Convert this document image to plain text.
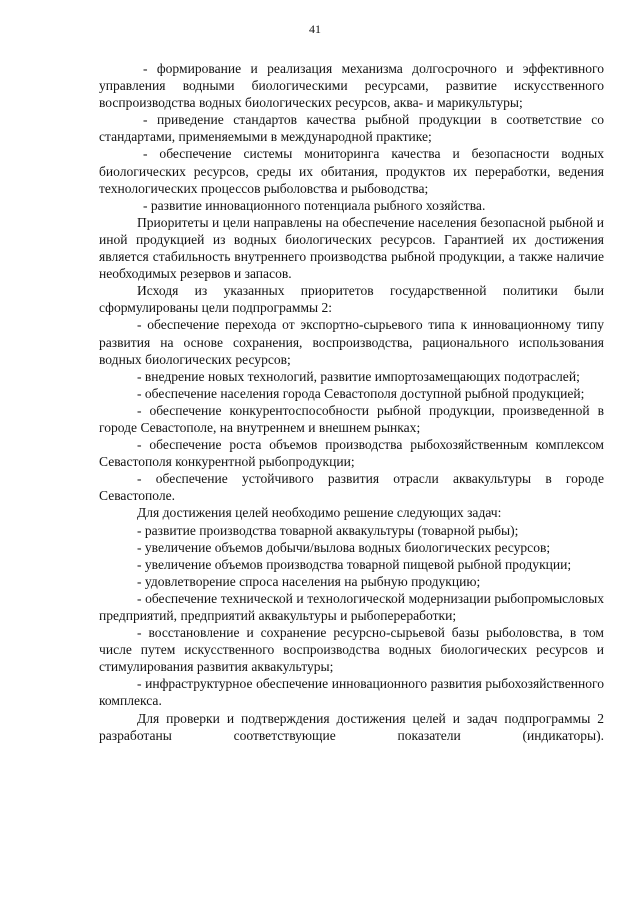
41

- формирование и реализация механизма долгосрочного и эффективного управления водными биологическими ресурсами, развитие искусственного воспроизводства водных биологических ресурсов, аква- и марикультуры;

- приведение стандартов качества рыбной продукции в соответствие со стандартами, применяемыми в международной практике;

- обеспечение системы мониторинга качества и безопасности водных биологических ресурсов, среды их обитания, продуктов их переработки, ведения технологических процессов рыболовства и рыбоводства;

- развитие инновационного потенциала рыбного хозяйства.

Приоритеты и цели направлены на обеспечение населения безопасной рыбной и иной продукцией из водных биологических ресурсов. Гарантией их достижения является стабильность внутреннего производства рыбной продукции, а также наличие необходимых резервов и запасов.

Исходя из указанных приоритетов государственной политики были сформулированы цели подпрограммы 2:

- обеспечение перехода от экспортно-сырьевого типа к инновационному типу развития на основе сохранения, воспроизводства, рационального использования водных биологических ресурсов;

- внедрение новых технологий, развитие импортозамещающих подотраслей;

- обеспечение населения города Севастополя доступной рыбной продукцией;

- обеспечение конкурентоспособности рыбной продукции, произведенной в городе Севастополе, на внутреннем и внешнем рынках;

- обеспечение роста объемов производства рыбохозяйственным комплексом Севастополя конкурентной рыбопродукции;

- обеспечение устойчивого развития отрасли аквакультуры в городе Севастополе.

Для достижения целей необходимо решение следующих задач:

- развитие производства товарной аквакультуры (товарной рыбы);

- увеличение объемов добычи/вылова водных биологических ресурсов;

- увеличение объемов производства товарной пищевой рыбной продукции;

- удовлетворение спроса населения на рыбную продукцию;

- обеспечение технической и технологической модернизации рыбопромысловых предприятий, предприятий аквакультуры и рыбопереработки;

- восстановление и сохранение ресурсно-сырьевой базы рыболовства, в том числе путем искусственного воспроизводства водных биологических ресурсов и стимулирования развития аквакультуры;

- инфраструктурное обеспечение инновационного развития рыбохозяйственного комплекса.

Для проверки и подтверждения достижения целей и задач подпрограммы 2 разработаны соответствующие показатели (индикаторы).
